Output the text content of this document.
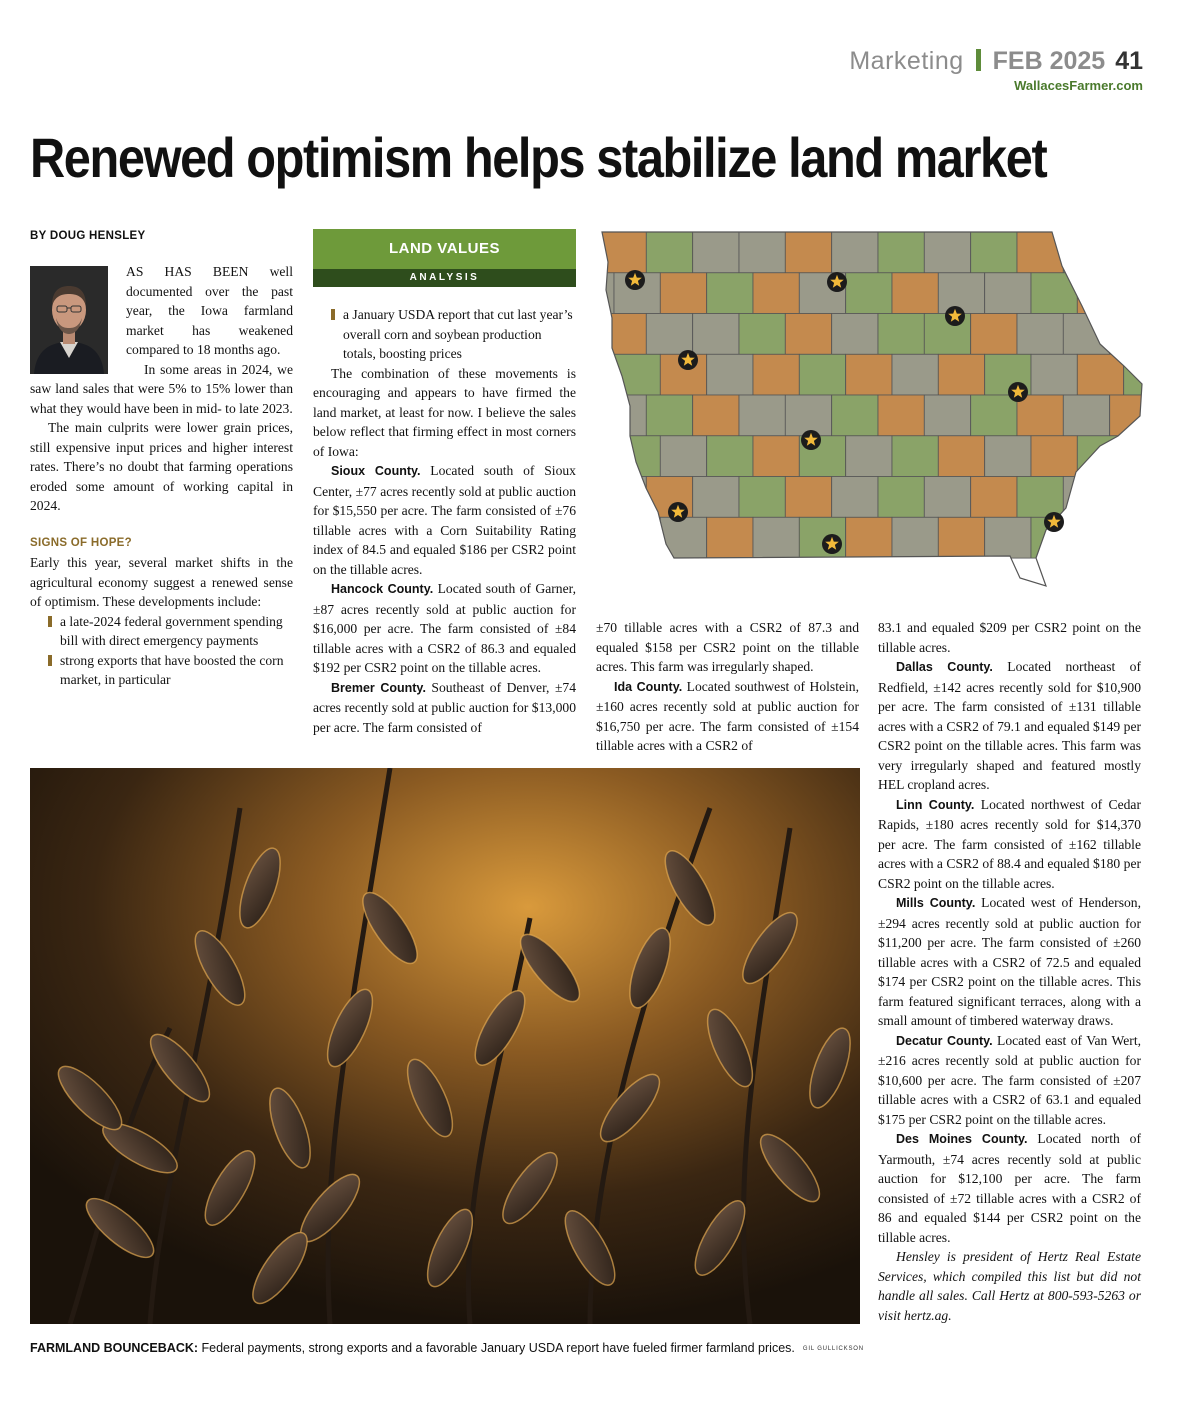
Marketing FEB 2025 41
WallacesFarmer.com
Renewed optimism helps stabilize land market
BY DOUG HENSLEY

AS HAS BEEN well documented over the past year, the Iowa farmland market has weakened compared to 18 months ago.

In some areas in 2024, we saw land sales that were 5% to 15% lower than what they would have been in mid- to late 2023.

The main culprits were lower grain prices, still expensive input prices and higher interest rates. There’s no doubt that farming operations eroded some amount of working capital in 2024.

SIGNS OF HOPE?

Early this year, several market shifts in the agricultural economy suggest a renewed sense of optimism. These developments include:

a late-2024 federal government spending bill with direct emergency payments

strong exports that have boosted the corn market, in particular

LAND VALUES
ANALYSIS

a January USDA report that cut last year’s overall corn and soybean production totals, boosting prices

The combination of these movements is encouraging and appears to have firmed the land market, at least for now. I believe the sales below reflect that firming effect in most corners of Iowa:

Sioux County. Located south of Sioux Center, ±77 acres recently sold at public auction for $15,550 per acre. The farm consisted of ±76 tillable acres with a Corn Suitability Rating index of 84.5 and equaled $186 per CSR2 point on the tillable acres.

Hancock County. Located south of Garner, ±87 acres recently sold at public auction for $16,000 per acre. The farm consisted of ±84 tillable acres with a CSR2 of 86.3 and equaled $192 per CSR2 point on the tillable acres.

Bremer County. Southeast of Denver, ±74 acres recently sold at public auction for $13,000 per acre. The farm consisted of

±70 tillable acres with a CSR2 of 87.3 and equaled $158 per CSR2 point on the tillable acres. This farm was irregularly shaped.

Ida County. Located southwest of Holstein, ±160 acres recently sold at public auction for $16,750 per acre. The farm consisted of ±154 tillable acres with a CSR2 of

83.1 and equaled $209 per CSR2 point on the tillable acres.

Dallas County. Located northeast of Redfield, ±142 acres recently sold for $10,900 per acre. The farm consisted of ±131 tillable acres with a CSR2 of 79.1 and equaled $149 per CSR2 point on the tillable acres. This farm was very irregularly shaped and featured mostly HEL cropland acres.

Linn County. Located northwest of Cedar Rapids, ±180 acres recently sold for $14,370 per acre. The farm consisted of ±162 tillable acres with a CSR2 of 88.4 and equaled $180 per CSR2 point on the tillable acres.

Mills County. Located west of Henderson, ±294 acres recently sold at public auction for $11,200 per acre. The farm consisted of ±260 tillable acres with a CSR2 of 72.5 and equaled $174 per CSR2 point on the tillable acres. This farm featured significant terraces, along with a small amount of timbered waterway draws.

Decatur County. Located east of Van Wert, ±216 acres recently sold at public auction for $10,600 per acre. The farm consisted of ±207 tillable acres with a CSR2 of 63.1 and equaled $175 per CSR2 point on the tillable acres.

Des Moines County. Located north of Yarmouth, ±74 acres recently sold at public auction for $12,100 per acre. The farm consisted of ±72 tillable acres with a CSR2 of 86 and equaled $144 per CSR2 point on the tillable acres.

Hensley is president of Hertz Real Estate Services, which compiled this list but did not handle all sales. Call Hertz at 800-593-5263 or visit hertz.ag.

FARMLAND BOUNCEBACK: Federal payments, strong exports and a favorable January USDA report have fueled firmer farmland prices. GIL GULLICKSON
